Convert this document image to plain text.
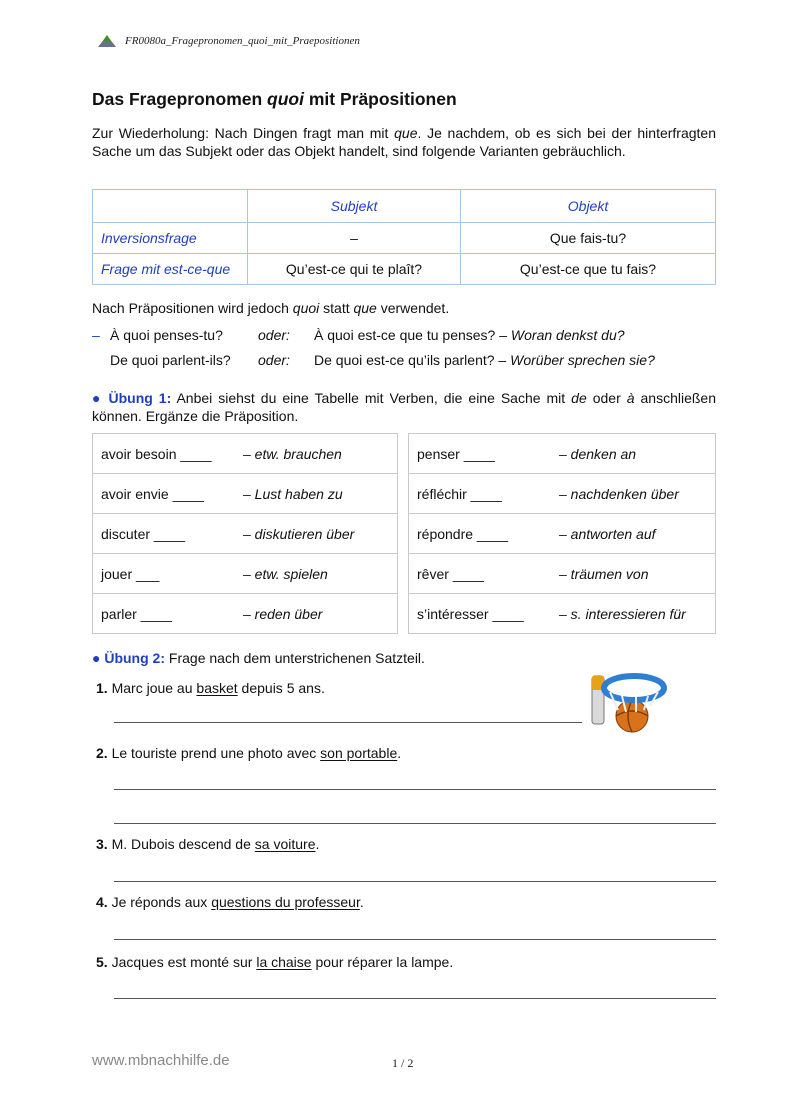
FR0080a_Fragepronomen_quoi_mit_Praepositionen
Das Fragepronomen quoi mit Präpositionen
Zur Wiederholung: Nach Dingen fragt man mit que. Je nachdem, ob es sich bei der hinterfragten Sache um das Subjekt oder das Objekt handelt, sind folgende Varianten gebräuchlich.
	Subjekt	Objekt
Inversionsfrage	–	Que fais-tu?
Frage mit est-ce-que	Qu’est-ce qui te plaît?	Qu’est-ce que tu fais?
Nach Präpositionen wird jedoch quoi statt que verwendet.
– À quoi penses-tu?	oder: À quoi est-ce que tu penses? – Woran denkst du?
De quoi parlent-ils? oder: De quoi est-ce qu’ils parlent? – Worüber sprechen sie?
● Übung 1: Anbei siehst du eine Tabelle mit Verben, die eine Sache mit de oder à anschließen können. Ergänze die Präposition.
avoir besoin ____	– etw. brauchen
avoir envie ____	– Lust haben zu
discuter ____	– diskutieren über
jouer ___	– etw. spielen
parler ____	– reden über
penser ____	– denken an
réfléchir ____	– nachdenken über
répondre ____	– antworten auf
rêver ____	– träumen von
s’intéresser ____	– s. interessieren für
● Übung 2: Frage nach dem unterstrichenen Satzteil.
1. Marc joue au basket depuis 5 ans.
2. Le touriste prend une photo avec son portable.
3. M. Dubois descend de sa voiture.
4. Je réponds aux questions du professeur.
5. Jacques est monté sur la chaise pour réparer la lampe.
www.mbnachhilfe.de	1 / 2
